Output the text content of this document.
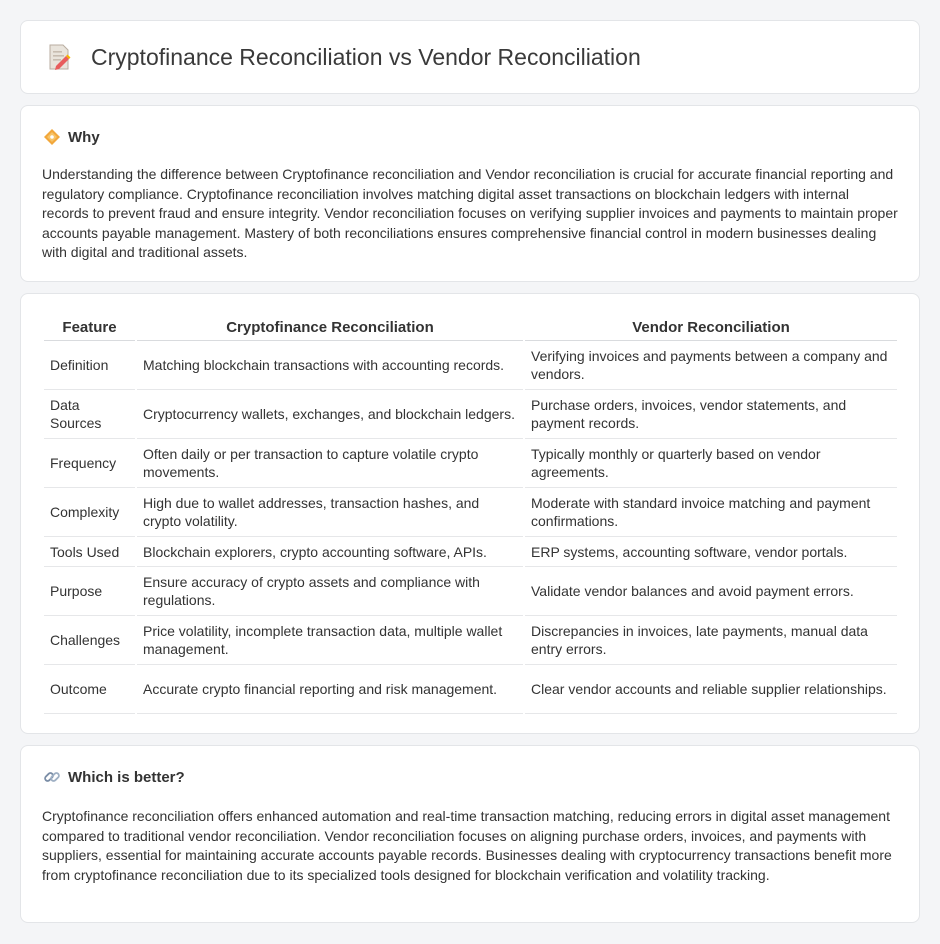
Cryptofinance Reconciliation vs Vendor Reconciliation
Why

Understanding the difference between Cryptofinance reconciliation and Vendor reconciliation is crucial for accurate financial reporting and regulatory compliance. Cryptofinance reconciliation involves matching digital asset transactions on blockchain ledgers with internal records to prevent fraud and ensure integrity. Vendor reconciliation focuses on verifying supplier invoices and payments to maintain proper accounts payable management. Mastery of both reconciliations ensures comprehensive financial control in modern businesses dealing with digital and traditional assets.

Feature	Cryptofinance Reconciliation	Vendor Reconciliation
Definition	Matching blockchain transactions with accounting records.	Verifying invoices and payments between a company and vendors.
Data Sources	Cryptocurrency wallets, exchanges, and blockchain ledgers.	Purchase orders, invoices, vendor statements, and payment records.
Frequency	Often daily or per transaction to capture volatile crypto movements.	Typically monthly or quarterly based on vendor agreements.
Complexity	High due to wallet addresses, transaction hashes, and crypto volatility.	Moderate with standard invoice matching and payment confirmations.
Tools Used	Blockchain explorers, crypto accounting software, APIs.	ERP systems, accounting software, vendor portals.
Purpose	Ensure accuracy of crypto assets and compliance with regulations.	Validate vendor balances and avoid payment errors.
Challenges	Price volatility, incomplete transaction data, multiple wallet management.	Discrepancies in invoices, late payments, manual data entry errors.
Outcome	Accurate crypto financial reporting and risk management.	Clear vendor accounts and reliable supplier relationships.
Which is better?

Cryptofinance reconciliation offers enhanced automation and real-time transaction matching, reducing errors in digital asset management compared to traditional vendor reconciliation. Vendor reconciliation focuses on aligning purchase orders, invoices, and payments with suppliers, essential for maintaining accurate accounts payable records. Businesses dealing with cryptocurrency transactions benefit more from cryptofinance reconciliation due to its specialized tools designed for blockchain verification and volatility tracking.
